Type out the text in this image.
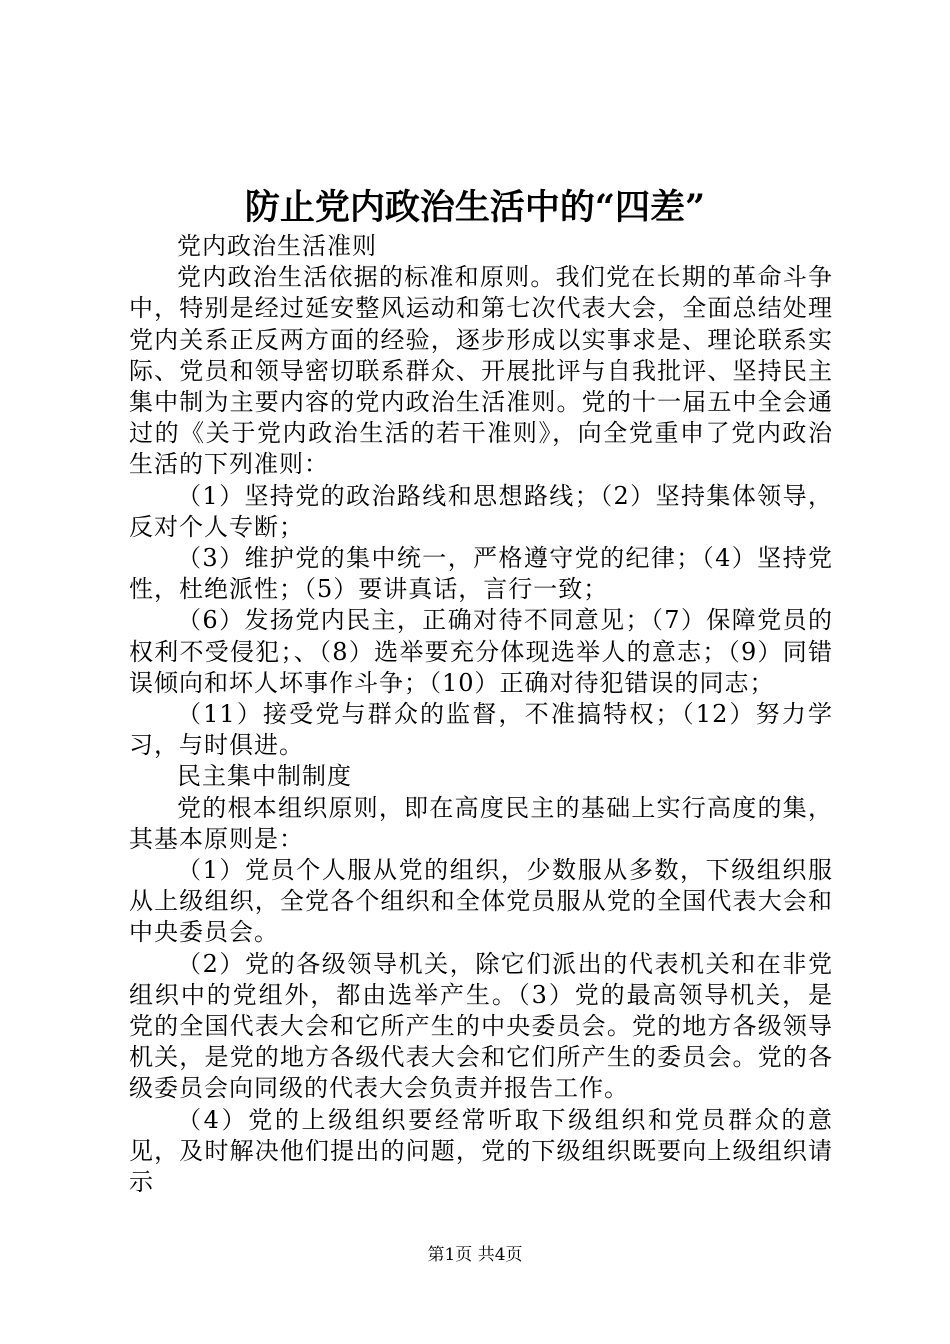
防止党内政治生活中的“四差”

党内政治生活准则

党内政治生活依据的标准和原则。我们党在长期的革命斗争中，特别是经过延安整风运动和第七次代表大会，全面总结处理党内关系正反两方面的经验，逐步形成以实事求是、理论联系实际、党员和领导密切联系群众、开展批评与自我批评、坚持民主集中制为主要内容的党内政治生活准则。党的十一届五中全会通过的《关于党内政治生活的若干准则》，向全党重申了党内政治生活的下列准则：

（1）坚持党的政治路线和思想路线；（2）坚持集体领导，反对个人专断；

（3）维护党的集中统一，严格遵守党的纪律；（4）坚持党性，杜绝派性；（5）要讲真话，言行一致；

（6）发扬党内民主，正确对待不同意见；（7）保障党员的权利不受侵犯；、（8）选举要充分体现选举人的意志；（9）同错误倾向和坏人坏事作斗争；（10）正确对待犯错误的同志；

（11）接受党与群众的监督，不准搞特权；（12）努力学习，与时俱进。

民主集中制制度

党的根本组织原则，即在高度民主的基础上实行高度的集，其基本原则是：

（1）党员个人服从党的组织，少数服从多数，下级组织服从上级组织，全党各个组织和全体党员服从党的全国代表大会和中央委员会。

（2）党的各级领导机关，除它们派出的代表机关和在非党组织中的党组外，都由选举产生。（3）党的最高领导机关，是党的全国代表大会和它所产生的中央委员会。党的地方各级领导机关，是党的地方各级代表大会和它们所产生的委员会。党的各级委员会向同级的代表大会负责并报告工作。

（4）党的上级组织要经常听取下级组织和党员群众的意见，及时解决他们提出的问题，党的下级组织既要向上级组织请示

第1页 共4页
